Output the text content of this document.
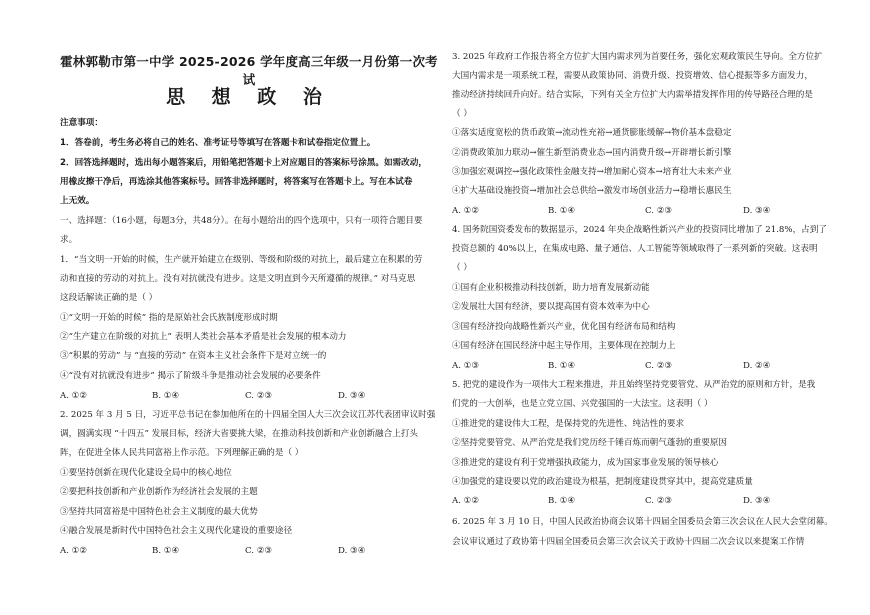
霍林郭勒市第一中学 2025-2026 学年度高三年级一月份第一次考试
思 想 政 治
注意事项：
1．答卷前，考生务必将自己的姓名、准考证号等填写在答题卡和试卷指定位置上。
2．回答选择题时，选出每小题答案后，用铅笔把答题卡上对应题目的答案标号涂黑。如需改动，
用橡皮擦干净后，再选涂其他答案标号。回答非选择题时，将答案写在答题卡上。写在本试卷
上无效。
一、选择题：（16小题，每题3分，共48分）。在每小题给出的四个选项中，只有一项符合题目要
求。
1．“当文明一开始的时候，生产就开始建立在级别、等级和阶级的对抗上，最后建立在积累的劳
动和直接的劳动的对抗上。没有对抗就没有进步。这是文明直到今天所遵循的规律。” 对马克思
这段话解读正确的是（ ）
①“文明一开始的时候” 指的是原始社会氏族制度形成时期
②“生产建立在阶级的对抗上” 表明人类社会基本矛盾是社会发展的根本动力
③“积累的劳动” 与 “直接的劳动” 在资本主义社会条件下是对立统一的
④“没有对抗就没有进步” 揭示了阶级斗争是推动社会发展的必要条件
A. ①②	B. ①④	C. ②③	D. ③④
2. 2025 年 3 月 5 日，习近平总书记在参加他所在的十四届全国人大三次会议江苏代表团审议时强
调，圆满实现 “十四五” 发展目标，经济大省要挑大梁，在推动科技创新和产业创新融合上打头
阵，在促进全体人民共同富裕上作示范。下列理解正确的是（ ）
①要坚持创新在现代化建设全局中的核心地位
②要把科技创新和产业创新作为经济社会发展的主题
③坚持共同富裕是中国特色社会主义制度的最大优势
④融合发展是新时代中国特色社会主义现代化建设的重要途径
A. ①②	B. ①④	C. ②③	D. ③④
3. 2025 年政府工作报告将全方位扩大国内需求列为首要任务，强化宏观政策民生导向。全方位扩
大国内需求是一项系统工程，需要从政策协同、消费升级、投资增效、信心提振等多方面发力，
推动经济持续回升向好。结合实际，下列有关全方位扩大内需举措发挥作用的传导路径合理的是
（ ）
①落实适度宽松的货币政策→流动性充裕→通货膨胀缓解→物价基本盘稳定
②消费政策加力联动→催生新型消费业态→国内消费升级→开辟增长新引擎
③加强宏观调控→强化政策性金融支持→增加耐心资本→培育壮大未来产业
④扩大基础设施投资→增加社会总供给→激发市场创业活力→稳增长惠民生
A. ①②	B. ①④	C. ②③	D. ③④
4. 国务院国资委发布的数据显示，2024 年央企战略性新兴产业的投资同比增加了 21.8%，占到了
投资总额的 40%以上，在集成电路、量子通信、人工智能等领域取得了一系列新的突破。这表明
（ ）
①国有企业积极推动科技创新，助力培育发展新动能
②发展壮大国有经济，要以提高国有资本效率为中心
③国有经济投向战略性新兴产业，优化国有经济布局和结构
④国有经济在国民经济中起主导作用，主要体现在控制力上
A. ①③	B. ①④	C. ②③	D. ②④
5. 把党的建设作为一项伟大工程来推进，并且始终坚持党要管党、从严治党的原则和方针，是我
们党的一大创举，也是立党立国、兴党强国的一大法宝。这表明（ ）
①推进党的建设伟大工程，是保持党的先进性、纯洁性的要求
②坚持党要管党、从严治党是我们党历经千锤百炼而朝气蓬勃的重要原因
③推进党的建设有利于党增强执政能力，成为国家事业发展的领导核心
④加强党的建设要以党的政治建设为根基，把制度建设贯穿其中，提高党建质量
A. ①②	B. ①④	C. ②③	D. ③④
6. 2025 年 3 月 10 日，中国人民政治协商会议第十四届全国委员会第三次会议在人民大会堂闭幕。
会议审议通过了政协第十四届全国委员会第三次会议关于政协十四届二次会议以来提案工作情
